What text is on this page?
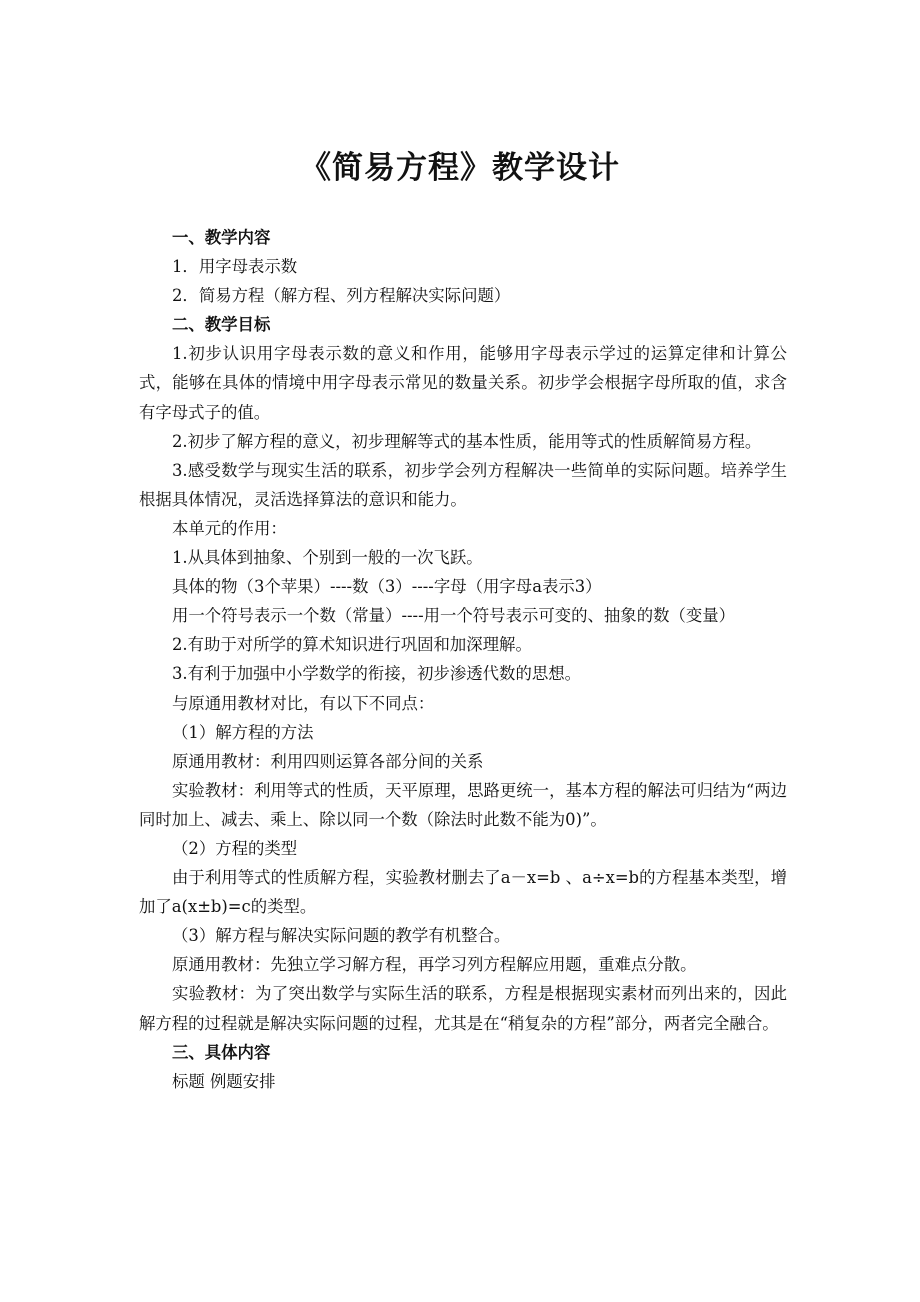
《简易方程》教学设计

一、教学内容

1．用字母表示数

2．简易方程（解方程、列方程解决实际问题）

二、教学目标

1.初步认识用字母表示数的意义和作用，能够用字母表示学过的运算定律和计算公式，能够在具体的情境中用字母表示常见的数量关系。初步学会根据字母所取的值，求含有字母式子的值。

2.初步了解方程的意义，初步理解等式的基本性质，能用等式的性质解简易方程。

3.感受数学与现实生活的联系，初步学会列方程解决一些简单的实际问题。培养学生根据具体情况，灵活选择算法的意识和能力。

本单元的作用：

1.从具体到抽象、个别到一般的一次飞跃。

具体的物（3个苹果）----数（3）----字母（用字母a表示3）

用一个符号表示一个数（常量）----用一个符号表示可变的、抽象的数（变量）

2.有助于对所学的算术知识进行巩固和加深理解。

3.有利于加强中小学数学的衔接，初步渗透代数的思想。

与原通用教材对比，有以下不同点：

（1）解方程的方法

原通用教材：利用四则运算各部分间的关系

实验教材：利用等式的性质，天平原理，思路更统一，基本方程的解法可归结为“两边同时加上、减去、乘上、除以同一个数（除法时此数不能为0)”。

（2）方程的类型

由于利用等式的性质解方程，实验教材删去了a－x=b 、a÷x=b的方程基本类型，增加了a(x±b)=c的类型。

（3）解方程与解决实际问题的教学有机整合。

原通用教材：先独立学习解方程，再学习列方程解应用题，重难点分散。

实验教材：为了突出数学与实际生活的联系，方程是根据现实素材而列出来的，因此解方程的过程就是解决实际问题的过程，尤其是在“稍复杂的方程”部分，两者完全融合。

三、具体内容

标题 例题安排
